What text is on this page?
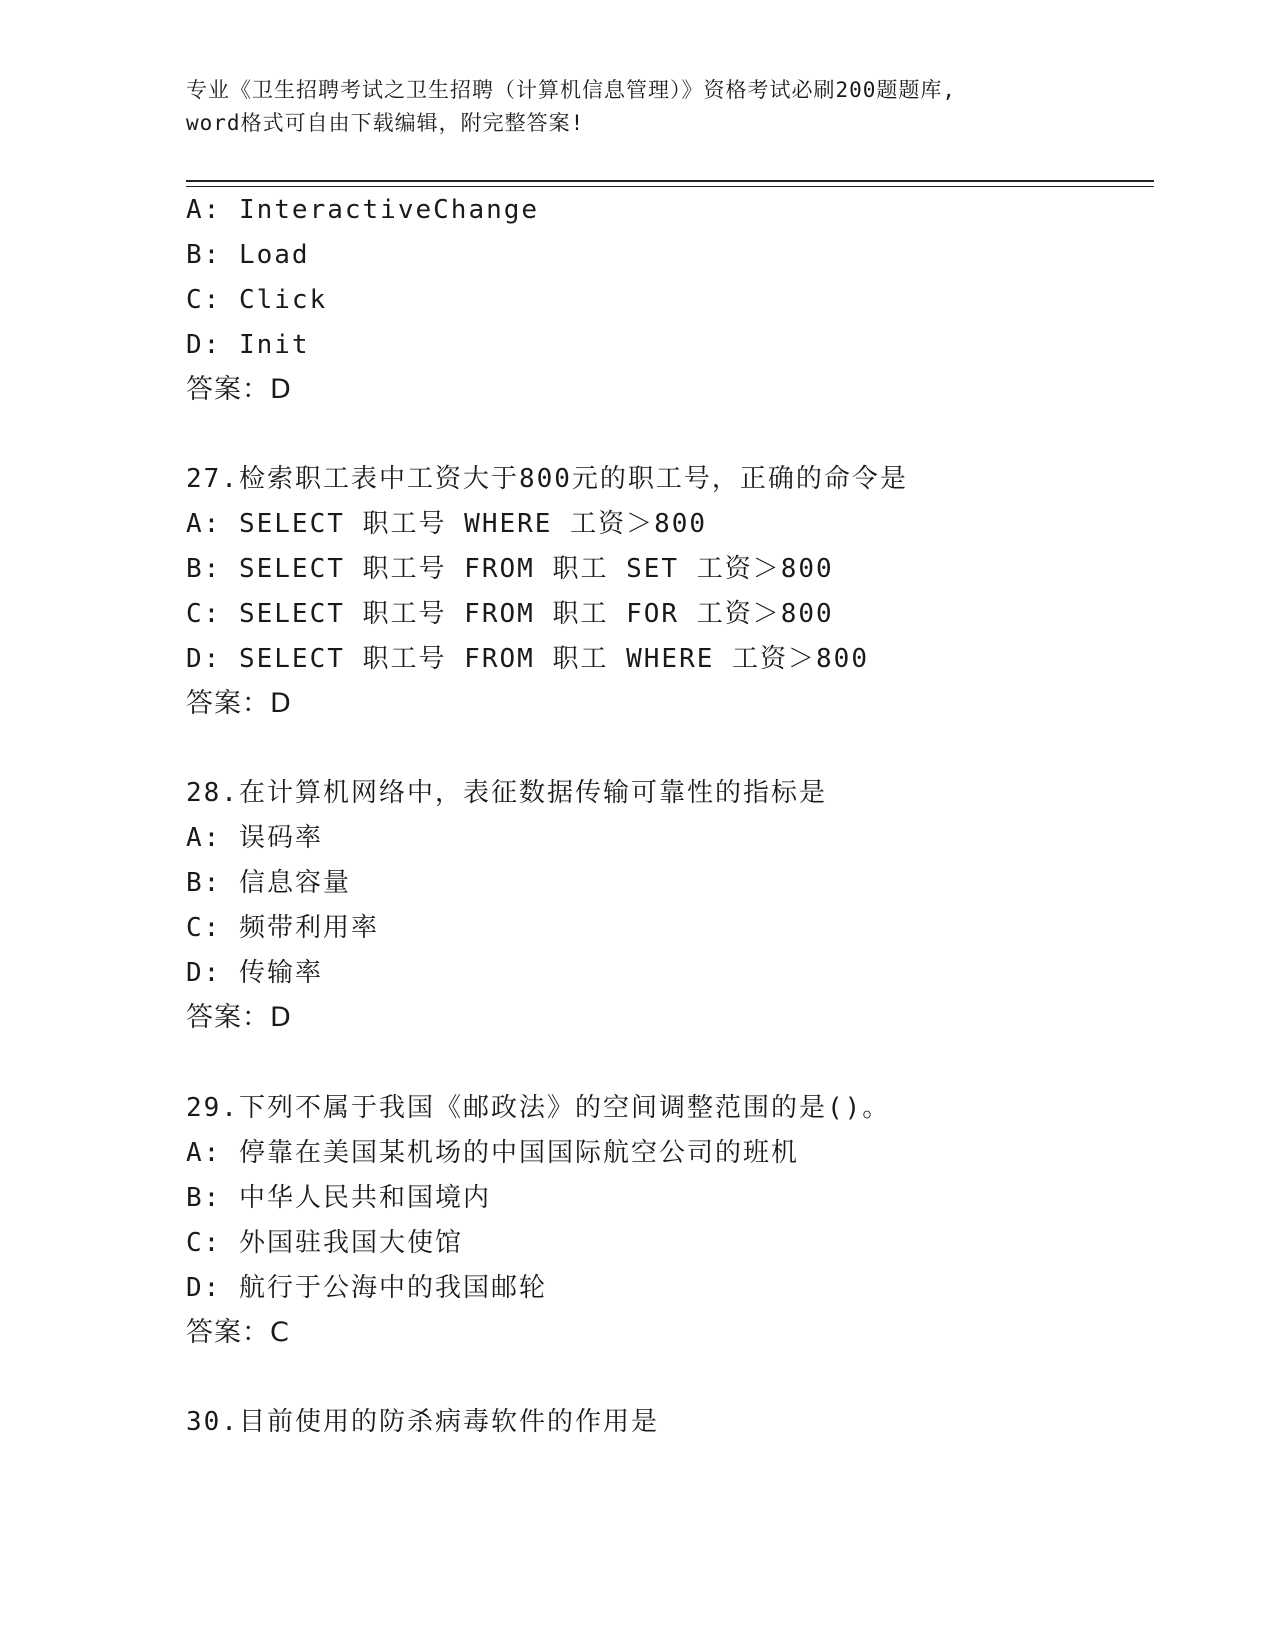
专业《卫生招聘考试之卫生招聘（计算机信息管理）》资格考试必刷200题题库,
word格式可自由下载编辑，附完整答案!
A: InteractiveChange
B: Load
C: Click
D: Init
答案：D
27.检索职工表中工资大于800元的职工号，正确的命令是
A: SELECT 职工号 WHERE 工资＞800
B: SELECT 职工号 FROM 职工 SET 工资＞800
C: SELECT 职工号 FROM 职工 FOR 工资＞800
D: SELECT 职工号 FROM 职工 WHERE 工资＞800
答案：D
28.在计算机网络中，表征数据传输可靠性的指标是
A: 误码率
B: 信息容量
C: 频带利用率
D: 传输率
答案：D
29.下列不属于我国《邮政法》的空间调整范围的是()。
A: 停靠在美国某机场的中国国际航空公司的班机
B: 中华人民共和国境内
C: 外国驻我国大使馆
D: 航行于公海中的我国邮轮
答案：C
30.目前使用的防杀病毒软件的作用是
